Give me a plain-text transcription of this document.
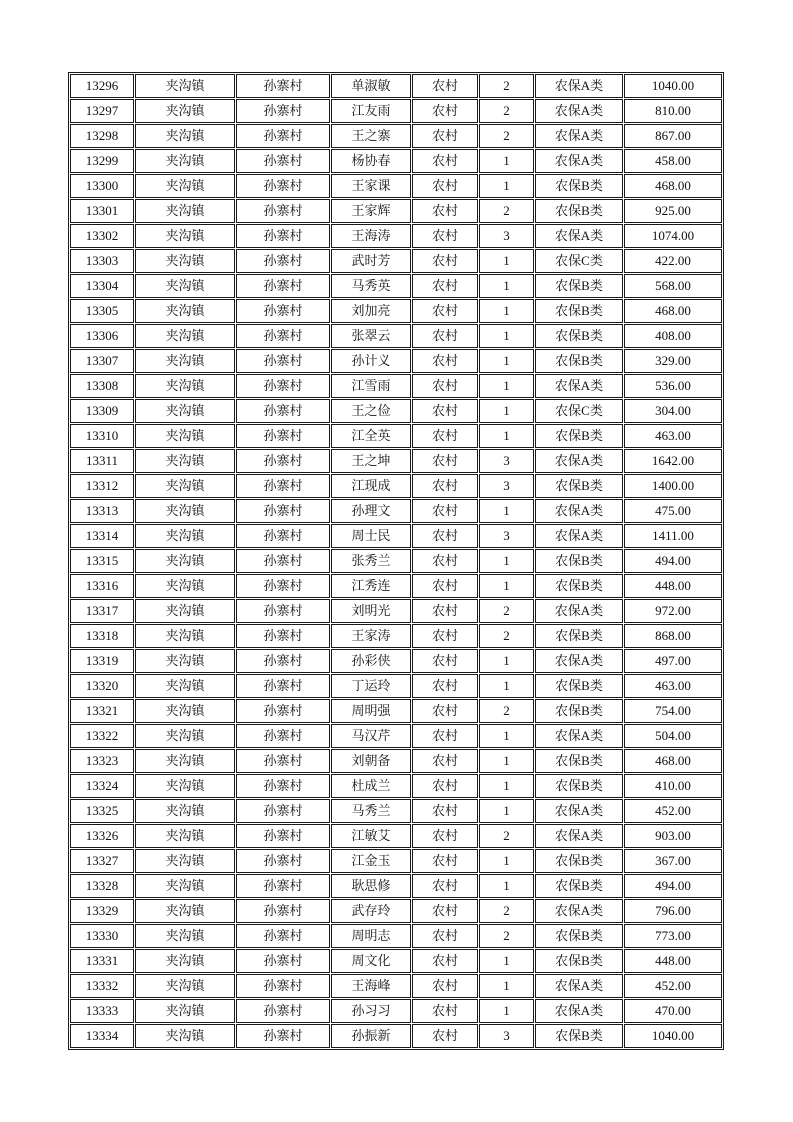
13296	夹沟镇	孙寨村	单淑敏	农村	2	农保A类	1040.00
13297	夹沟镇	孙寨村	江友雨	农村	2	农保A类	810.00
13298	夹沟镇	孙寨村	王之寨	农村	2	农保A类	867.00
13299	夹沟镇	孙寨村	杨协春	农村	1	农保A类	458.00
13300	夹沟镇	孙寨村	王家课	农村	1	农保B类	468.00
13301	夹沟镇	孙寨村	王家辉	农村	2	农保B类	925.00
13302	夹沟镇	孙寨村	王海涛	农村	3	农保A类	1074.00
13303	夹沟镇	孙寨村	武时芳	农村	1	农保C类	422.00
13304	夹沟镇	孙寨村	马秀英	农村	1	农保B类	568.00
13305	夹沟镇	孙寨村	刘加亮	农村	1	农保B类	468.00
13306	夹沟镇	孙寨村	张翠云	农村	1	农保B类	408.00
13307	夹沟镇	孙寨村	孙计义	农村	1	农保B类	329.00
13308	夹沟镇	孙寨村	江雪雨	农村	1	农保A类	536.00
13309	夹沟镇	孙寨村	王之俭	农村	1	农保C类	304.00
13310	夹沟镇	孙寨村	江全英	农村	1	农保B类	463.00
13311	夹沟镇	孙寨村	王之坤	农村	3	农保A类	1642.00
13312	夹沟镇	孙寨村	江现成	农村	3	农保B类	1400.00
13313	夹沟镇	孙寨村	孙理文	农村	1	农保A类	475.00
13314	夹沟镇	孙寨村	周士民	农村	3	农保A类	1411.00
13315	夹沟镇	孙寨村	张秀兰	农村	1	农保B类	494.00
13316	夹沟镇	孙寨村	江秀连	农村	1	农保B类	448.00
13317	夹沟镇	孙寨村	刘明光	农村	2	农保A类	972.00
13318	夹沟镇	孙寨村	王家涛	农村	2	农保B类	868.00
13319	夹沟镇	孙寨村	孙彩侠	农村	1	农保A类	497.00
13320	夹沟镇	孙寨村	丁运玲	农村	1	农保B类	463.00
13321	夹沟镇	孙寨村	周明强	农村	2	农保B类	754.00
13322	夹沟镇	孙寨村	马汉芹	农村	1	农保A类	504.00
13323	夹沟镇	孙寨村	刘朝备	农村	1	农保B类	468.00
13324	夹沟镇	孙寨村	杜成兰	农村	1	农保B类	410.00
13325	夹沟镇	孙寨村	马秀兰	农村	1	农保A类	452.00
13326	夹沟镇	孙寨村	江敏艾	农村	2	农保A类	903.00
13327	夹沟镇	孙寨村	江金玉	农村	1	农保B类	367.00
13328	夹沟镇	孙寨村	耿思修	农村	1	农保B类	494.00
13329	夹沟镇	孙寨村	武存玲	农村	2	农保A类	796.00
13330	夹沟镇	孙寨村	周明志	农村	2	农保B类	773.00
13331	夹沟镇	孙寨村	周文化	农村	1	农保B类	448.00
13332	夹沟镇	孙寨村	王海峰	农村	1	农保A类	452.00
13333	夹沟镇	孙寨村	孙习习	农村	1	农保A类	470.00
13334	夹沟镇	孙寨村	孙振新	农村	3	农保B类	1040.00
